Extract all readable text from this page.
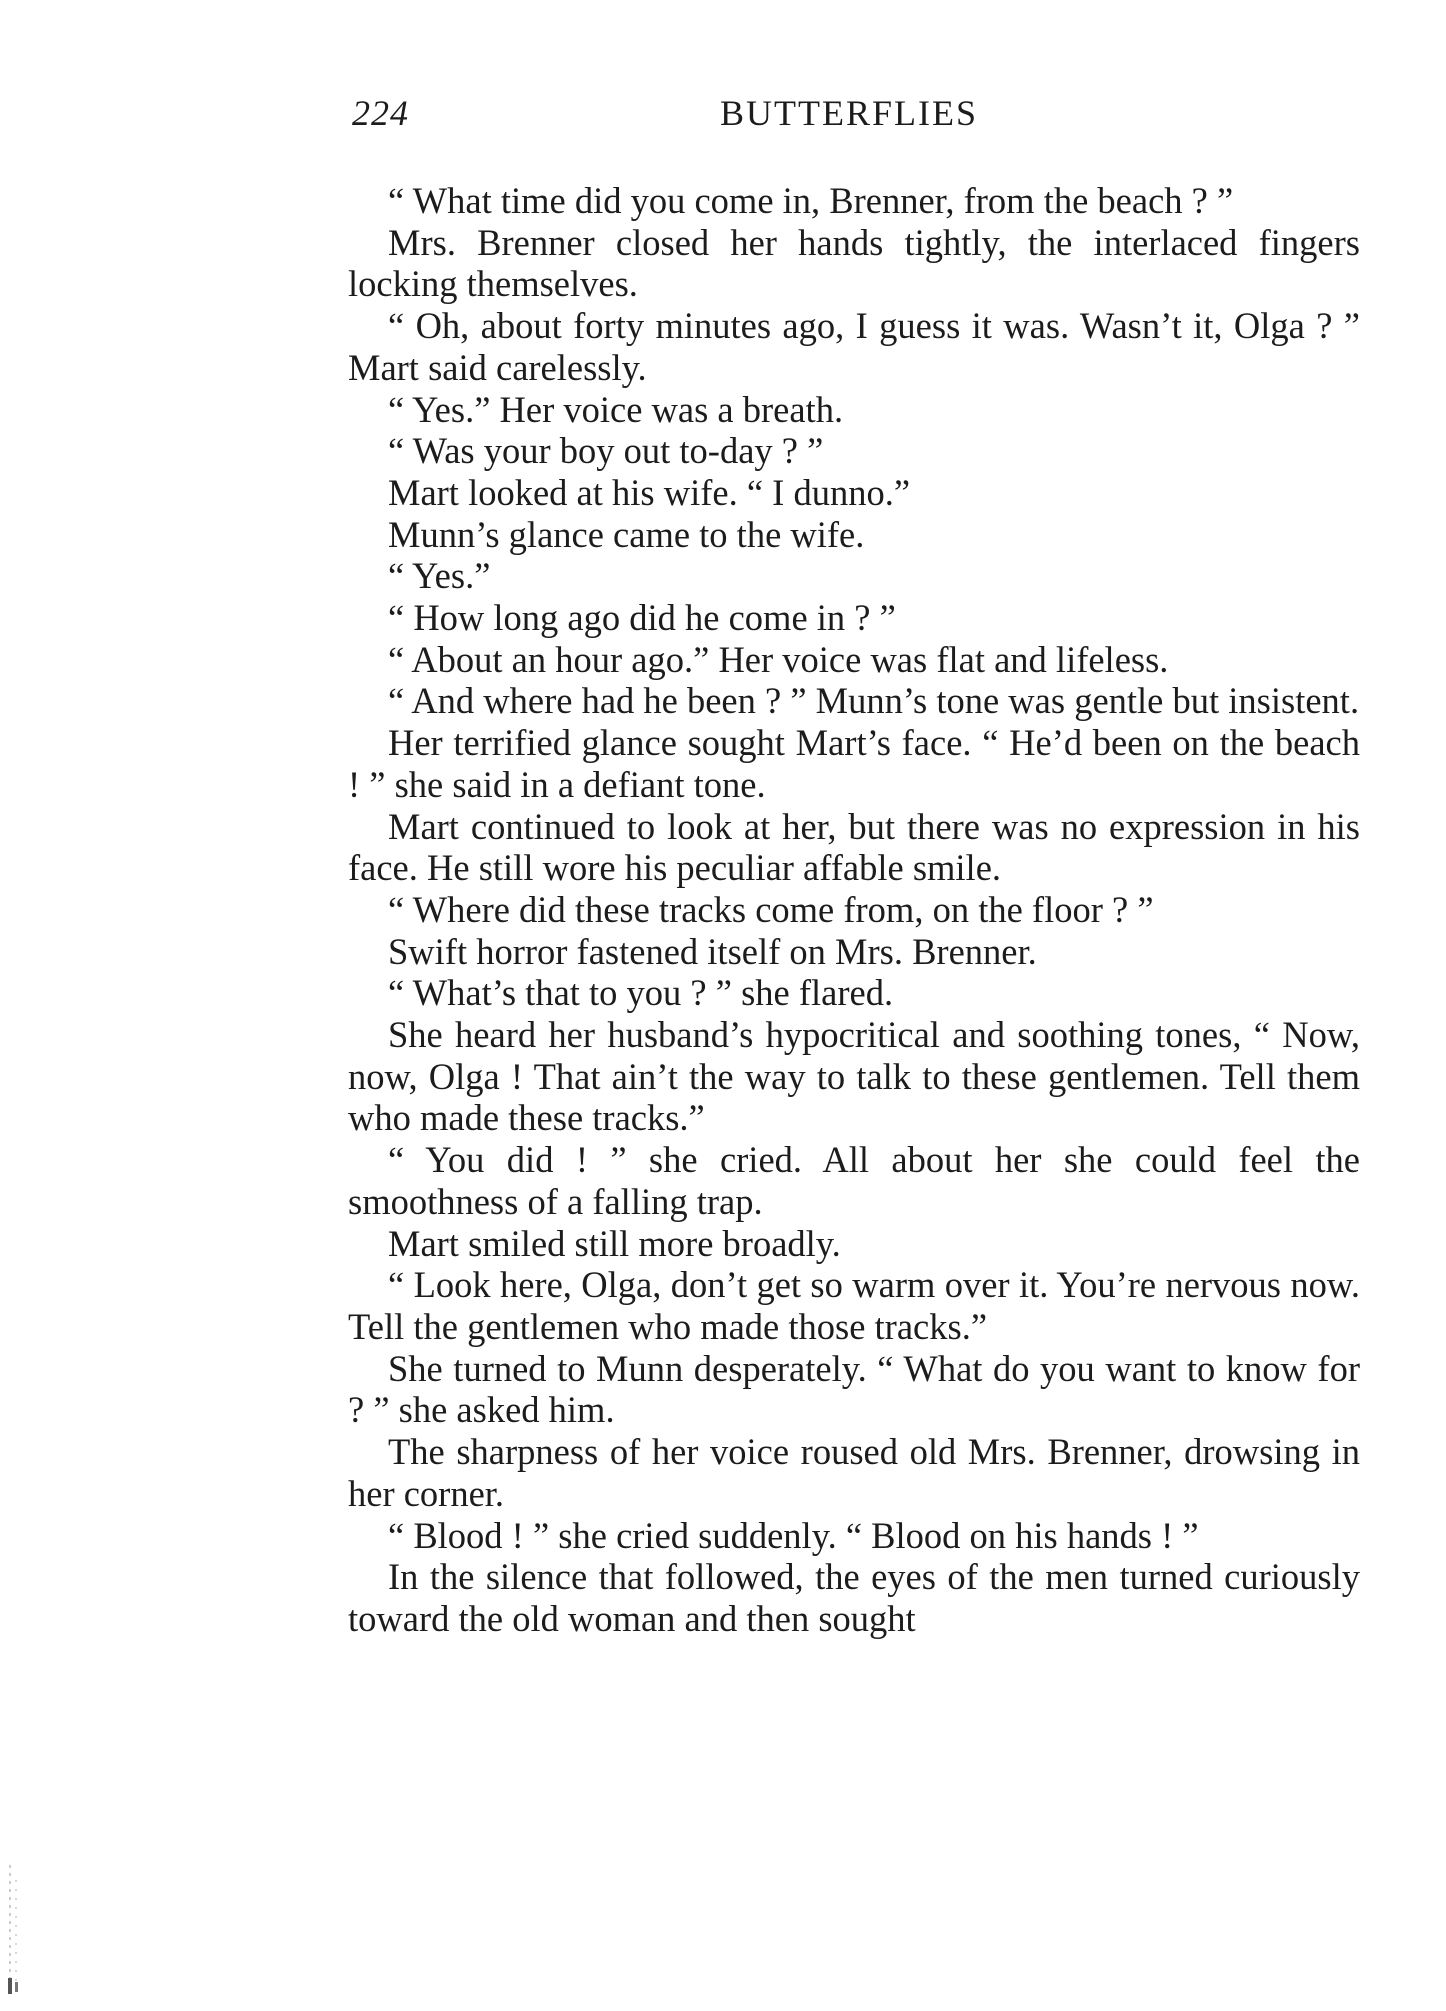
224	BUTTERFLIES

“ What time did you come in, Brenner, from the beach ? ”

Mrs. Brenner closed her hands tightly, the interlaced fingers locking themselves.

“ Oh, about forty minutes ago, I guess it was. Wasn’t it, Olga ? ” Mart said carelessly.

“ Yes.” Her voice was a breath.

“ Was your boy out to-day ? ”

Mart looked at his wife. “ I dunno.”

Munn’s glance came to the wife.

“ Yes.”

“ How long ago did he come in ? ”

“ About an hour ago.” Her voice was flat and lifeless.

“ And where had he been ? ” Munn’s tone was gentle but insistent.

Her terrified glance sought Mart’s face. “ He’d been on the beach ! ” she said in a defiant tone.

Mart continued to look at her, but there was no expression in his face. He still wore his peculiar affable smile.

“ Where did these tracks come from, on the floor ? ”

Swift horror fastened itself on Mrs. Brenner.

“ What’s that to you ? ” she flared.

She heard her husband’s hypocritical and soothing tones, “ Now, now, Olga ! That ain’t the way to talk to these gentlemen. Tell them who made these tracks.”

“ You did ! ” she cried. All about her she could feel the smoothness of a falling trap.

Mart smiled still more broadly.

“ Look here, Olga, don’t get so warm over it. You’re nervous now. Tell the gentlemen who made those tracks.”

She turned to Munn desperately. “ What do you want to know for ? ” she asked him.

The sharpness of her voice roused old Mrs. Brenner, drowsing in her corner.

“ Blood ! ” she cried suddenly. “ Blood on his hands ! ”

In the silence that followed, the eyes of the men turned curiously toward the old woman and then sought
